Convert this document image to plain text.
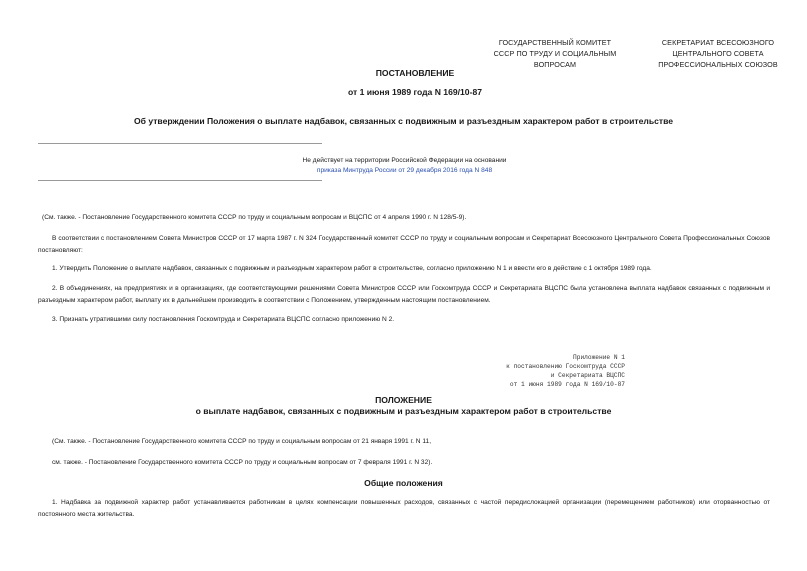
ГОСУДАРСТВЕННЫЙ КОМИТЕТ
СССР ПО ТРУДУ И СОЦИАЛЬНЫМ
ВОПРОСАМ
СЕКРЕТАРИАТ ВСЕСОЮЗНОГО
ЦЕНТРАЛЬНОГО СОВЕТА
ПРОФЕССИОНАЛЬНЫХ СОЮЗОВ
ПОСТАНОВЛЕНИЕ
от 1 июня 1989 года N 169/10-87
Об утверждении Положения о выплате надбавок, связанных с подвижным и разъездным характером работ в строительстве
Не действует на территории Российской Федерации на основании
приказа Минтруда России от 29 декабря 2016 года N 848
(См. также. - Постановление Государственного комитета СССР по труду и социальным вопросам и ВЦСПС от 4 апреля 1990 г. N 128/5-9).
В соответствии с постановлением Совета Министров СССР от 17 марта 1987 г. N 324 Государственный комитет СССР по труду и социальным вопросам и Секретариат Всесоюзного Центрального Совета Профессиональных Союзов постановляют:
1. Утвердить Положение о выплате надбавок, связанных с подвижным и разъездным характером работ в строительстве, согласно приложению N 1 и ввести его в действие с 1 октября 1989 года.
2. В объединениях, на предприятиях и в организациях, где соответствующими решениями Совета Министров СССР или Госкомтруда СССР и Секретариата ВЦСПС была установлена выплата надбавок связанных с подвижным и разъездным характером работ, выплату их в дальнейшем производить в соответствии с Положением, утвержденным настоящим постановлением.
3. Признать утратившими силу постановления Госкомтруда и Секретариата ВЦСПС согласно приложению N 2.
Приложение N 1
к постановлению Госкомтруда СССР
и Секретариата ВЦСПС
от 1 июня 1989 года N 169/10-87
ПОЛОЖЕНИЕ
о выплате надбавок, связанных с подвижным и разъездным характером работ в строительстве
(См. также. - Постановление Государственного комитета СССР по труду и социальным вопросам от 21 января 1991 г. N 11,
см. также. - Постановление Государственного комитета СССР по труду и социальным вопросам от 7 февраля 1991 г. N 32).
Общие положения
1. Надбавка за подвижной характер работ устанавливается работникам в целях компенсации повышенных расходов, связанных с частой передислокацией организации (перемещением работников) или оторванностью от постоянного места жительства.
